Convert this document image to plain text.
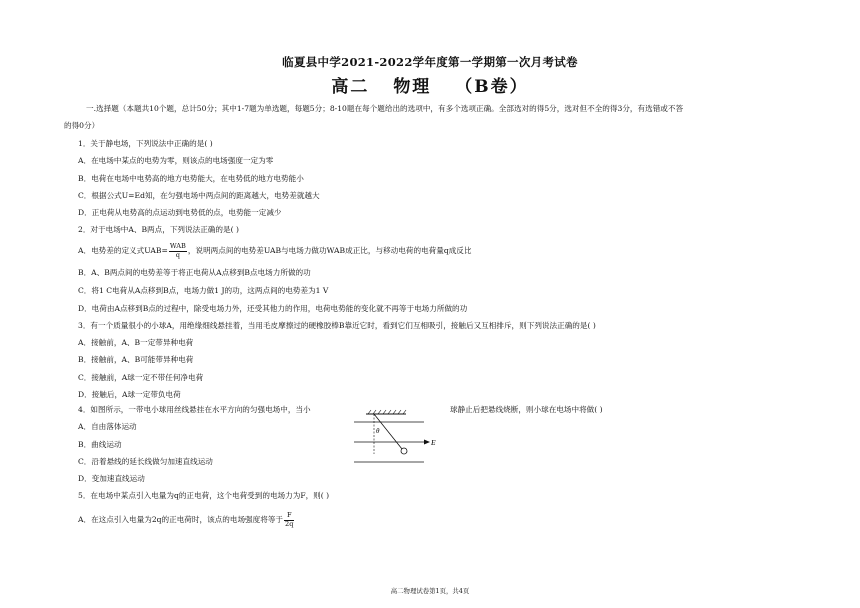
临夏县中学2021-2022学年度第一学期第一次月考试卷
高二 物理 （B卷）
一.选择题（本题共10个题，总计50分；其中1-7题为单选题，每题5分；8-10题在每个题给出的选项中，有多个选项正确。全部选对的得5分，选对但不全的得3分，有选错或不答
的得0分）
1．关于静电场，下列说法中正确的是( )
A．在电场中某点的电势为零，则该点的电场强度一定为零
B．电荷在电场中电势高的地方电势能大，在电势低的地方电势能小
C．根据公式U=Ed知，在匀强电场中两点间的距离越大，电势差就越大
D．正电荷从电势高的点运动到电势低的点，电势能一定减少
2．对于电场中A、B两点，下列说法正确的是( )
A．电势差的定义式$UAB= \frac{\text{WAB}}{q}$ ，说明两点间的电势差UAB与电场力做功WAB成正比，与移动电荷的电荷量q成反比
B．A、B两点间的电势差等于将正电荷从A点移到B点电场力所做的功
C．将1 C电荷从A点移到B点，电场力做1 J的功，这两点间的电势差为1 V
D．电荷由A点移到B点的过程中，除受电场力外，还受其他力的作用，电荷电势能的变化就不再等于电场力所做的功
3．有一个质量很小的小球A，用绝缘细线悬挂着，当用毛皮摩擦过的硬橡胶棒B靠近它时，看到它们互相吸引，接触后又互相排斥，则下列说法正确的是( )
A．接触前，A、B一定带异种电荷
B．接触前，A、B可能带异种电荷
C．接触前，A球一定不带任何净电荷
D．接触后，A球一定带负电荷
4．如图所示，一带电小球用丝线悬挂在水平方向的匀强电场中，当小	球静止后把悬线烧断，则小球在电场中将做( )
θ
E
A．自由落体运动
B．曲线运动
C．沿着悬线的延长线做匀加速直线运动
D．变加速直线运动
5．在电场中某点引入电量为q的正电荷，这个电荷受到的电场力为F，则( )
A．在这点引入电量为2q的正电荷时，该点的电场强度将等于 $\frac{F}{2q}$
高二物理试卷第1页，共4页
